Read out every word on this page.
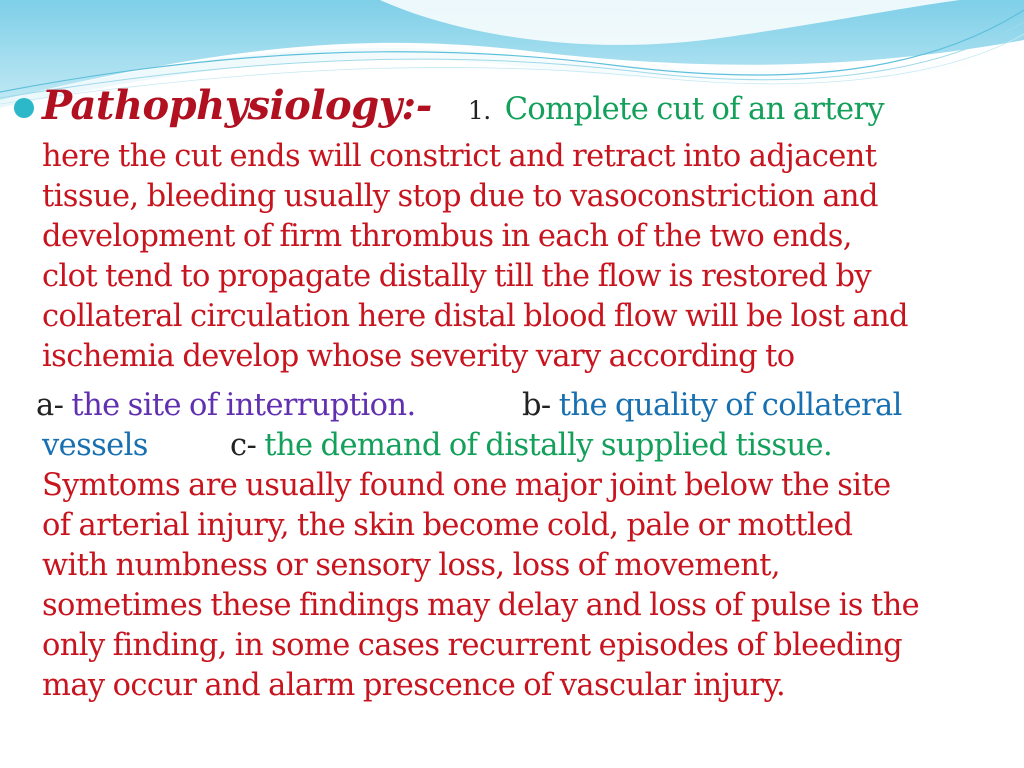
Pathophysiology:- 1. Complete cut of an artery
here the cut ends will constrict and retract into adjacent
tissue, bleeding usually stop due to vasoconstriction and
development of firm thrombus in each of the two ends,
clot tend to propagate distally till the flow is restored by
collateral circulation here distal blood flow will be lost and
ischemia develop whose severity vary according to
a- the site of interruption.	b- the quality of collateral
vessels	c- the demand of distally supplied tissue.
Symtoms are usually found one major joint below the site
of arterial injury, the skin become cold, pale or mottled
with numbness or sensory loss, loss of movement,
sometimes these findings may delay and loss of pulse is the
only finding, in some cases recurrent episodes of bleeding
may occur and alarm prescence of vascular injury.
